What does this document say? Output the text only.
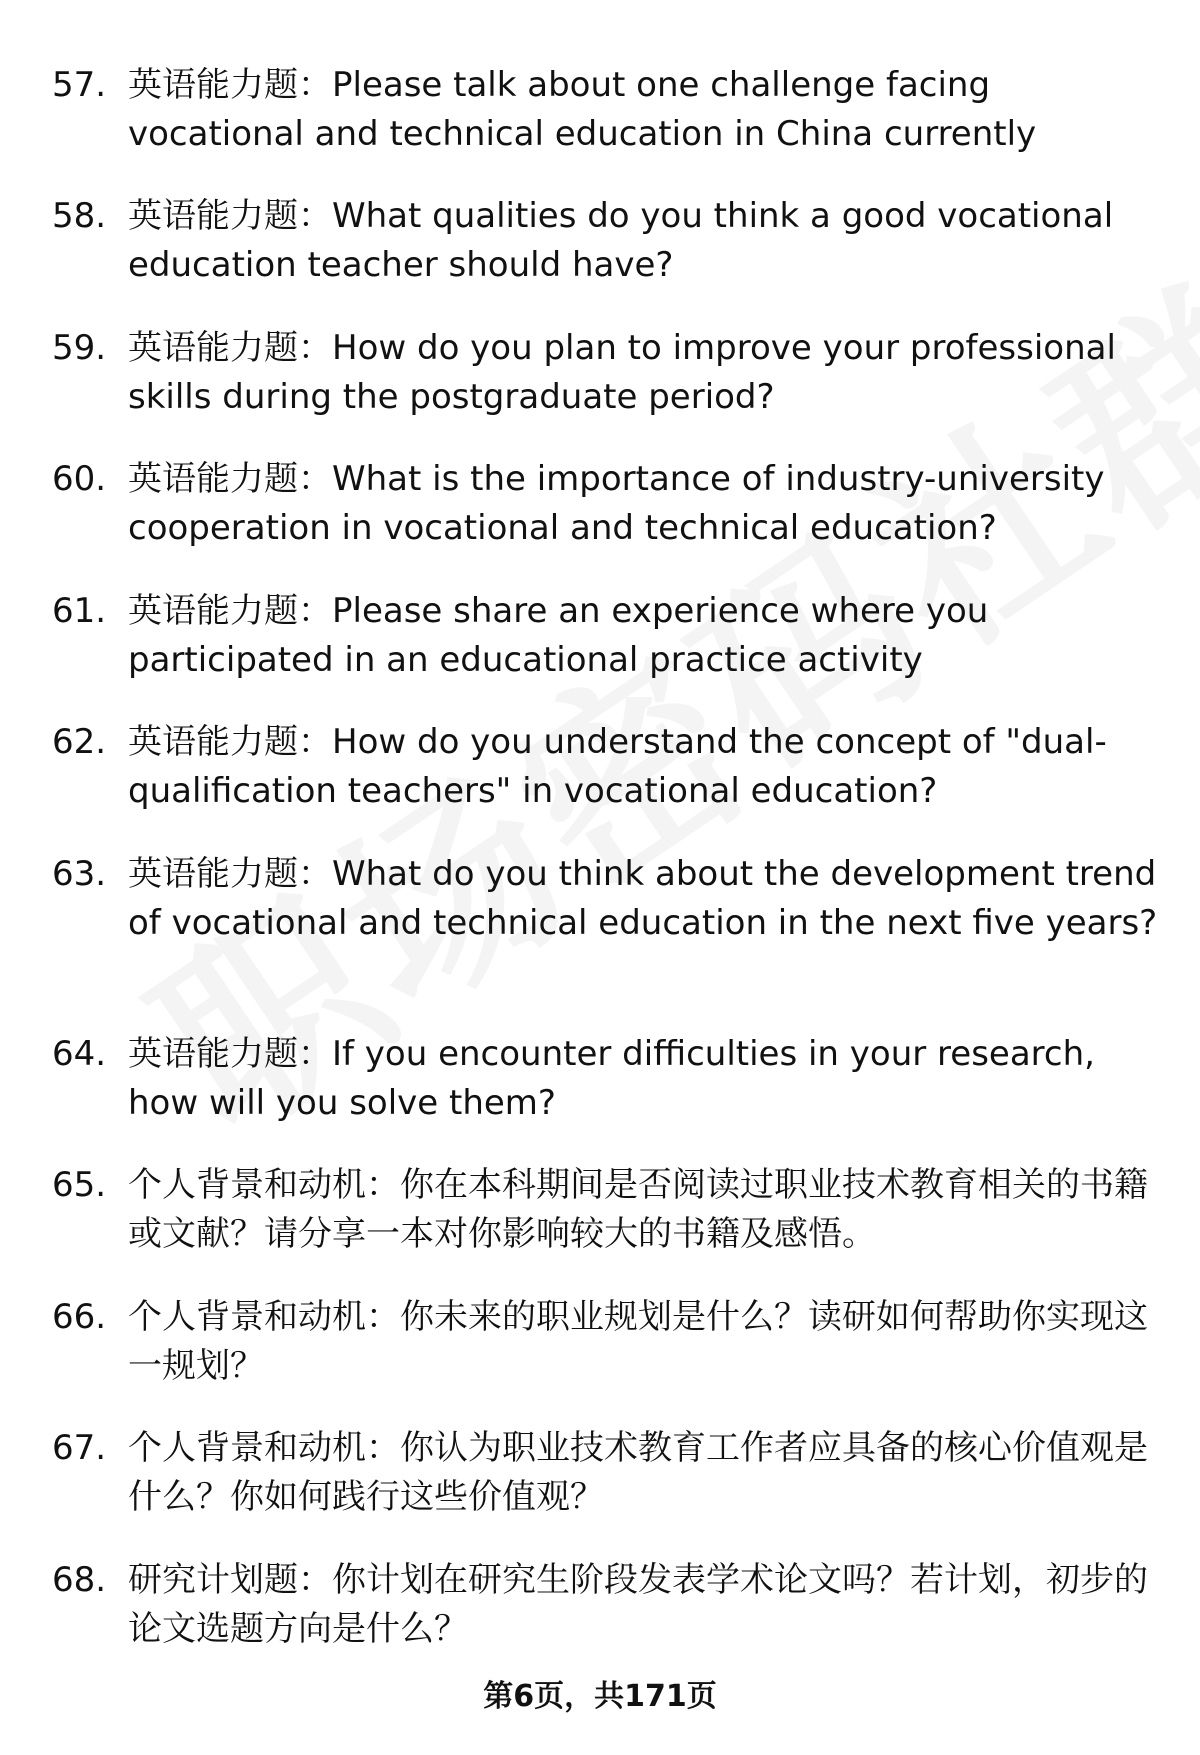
57. 英语能力题：Please talk about one challenge facing vocational and technical education in China currently
58. 英语能力题：What qualities do you think a good vocational education teacher should have?
59. 英语能力题：How do you plan to improve your professional skills during the postgraduate period?
60. 英语能力题：What is the importance of industry-university cooperation in vocational and technical education?
61. 英语能力题：Please share an experience where you participated in an educational practice activity
62. 英语能力题：How do you understand the concept of "dual-qualification teachers" in vocational education?
63. 英语能力题：What do you think about the development trend of vocational and technical education in the next five years?
64. 英语能力题：If you encounter difficulties in your research, how will you solve them?
65. 个人背景和动机：你在本科期间是否阅读过职业技术教育相关的书籍或文献？请分享一本对你影响较大的书籍及感悟。
66. 个人背景和动机：你未来的职业规划是什么？读研如何帮助你实现这一规划？
67. 个人背景和动机：你认为职业技术教育工作者应具备的核心价值观是什么？你如何践行这些价值观？
68. 研究计划题：你计划在研究生阶段发表学术论文吗？若计划，初步的论文选题方向是什么？
第6页，共171页
